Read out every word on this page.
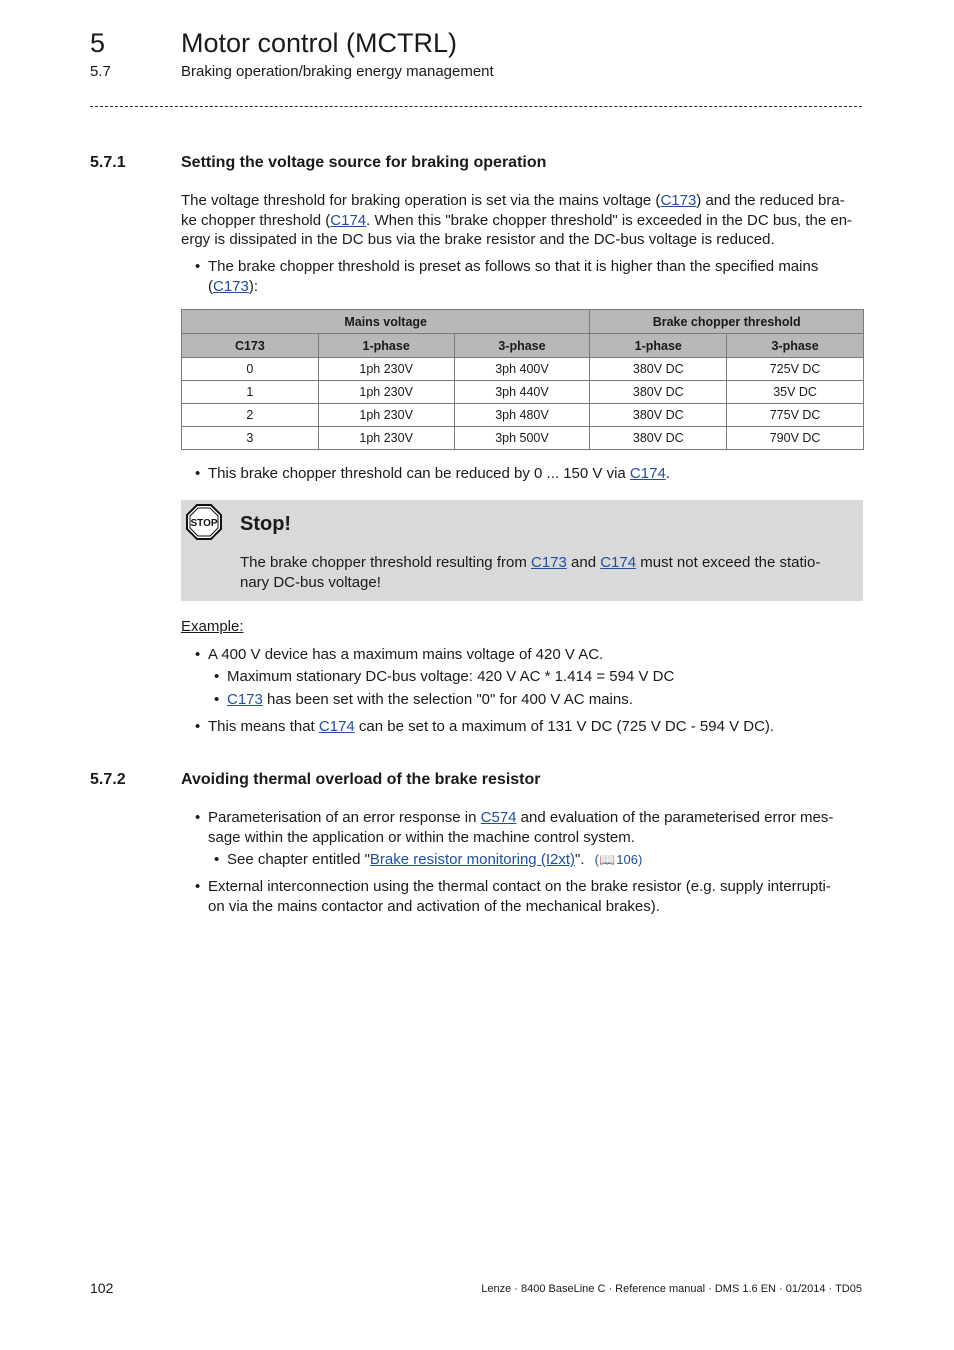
5	Motor control (MCTRL)
5.7	Braking operation/braking energy management
5.7.1	Setting the voltage source for braking operation
The voltage threshold for braking operation is set via the mains voltage (C173) and the reduced bra-
ke chopper threshold (C174. When this "brake chopper threshold" is exceeded in the DC bus, the en-
ergy is dissipated in the DC bus via the brake resistor and the DC-bus voltage is reduced.
• The brake chopper threshold is preset as follows so that it is higher than the specified mains
(C173):
Mains voltage			Brake chopper threshold	
C173	1-phase	3-phase	1-phase	3-phase
0	1ph 230V	3ph 400V	380V DC	725V DC
1	1ph 230V	3ph 440V	380V DC	35V DC
2	1ph 230V	3ph 480V	380V DC	775V DC
3	1ph 230V	3ph 500V	380V DC	790V DC
• This brake chopper threshold can be reduced by 0 ... 150 V via C174.
STOP Stop!
The brake chopper threshold resulting from C173 and C174 must not exceed the statio-
nary DC-bus voltage!
Example:
• A 400 V device has a maximum mains voltage of 420 V AC.
• Maximum stationary DC-bus voltage: 420 V AC * 1.414 = 594 V DC
• C173 has been set with the selection "0" for 400 V AC mains.
• This means that C174 can be set to a maximum of 131 V DC (725 V DC - 594 V DC).
5.7.2	Avoiding thermal overload of the brake resistor
• Parameterisation of an error response in C574 and evaluation of the parameterised error mes-
sage within the application or within the machine control system.
• See chapter entitled "Brake resistor monitoring (I2xt)". (📖 106)
• External interconnection using the thermal contact on the brake resistor (e.g. supply interrupti-
on via the mains contactor and activation of the mechanical brakes).
102	Lenze · 8400 BaseLine C · Reference manual · DMS 1.6 EN · 01/2014 · TD05
